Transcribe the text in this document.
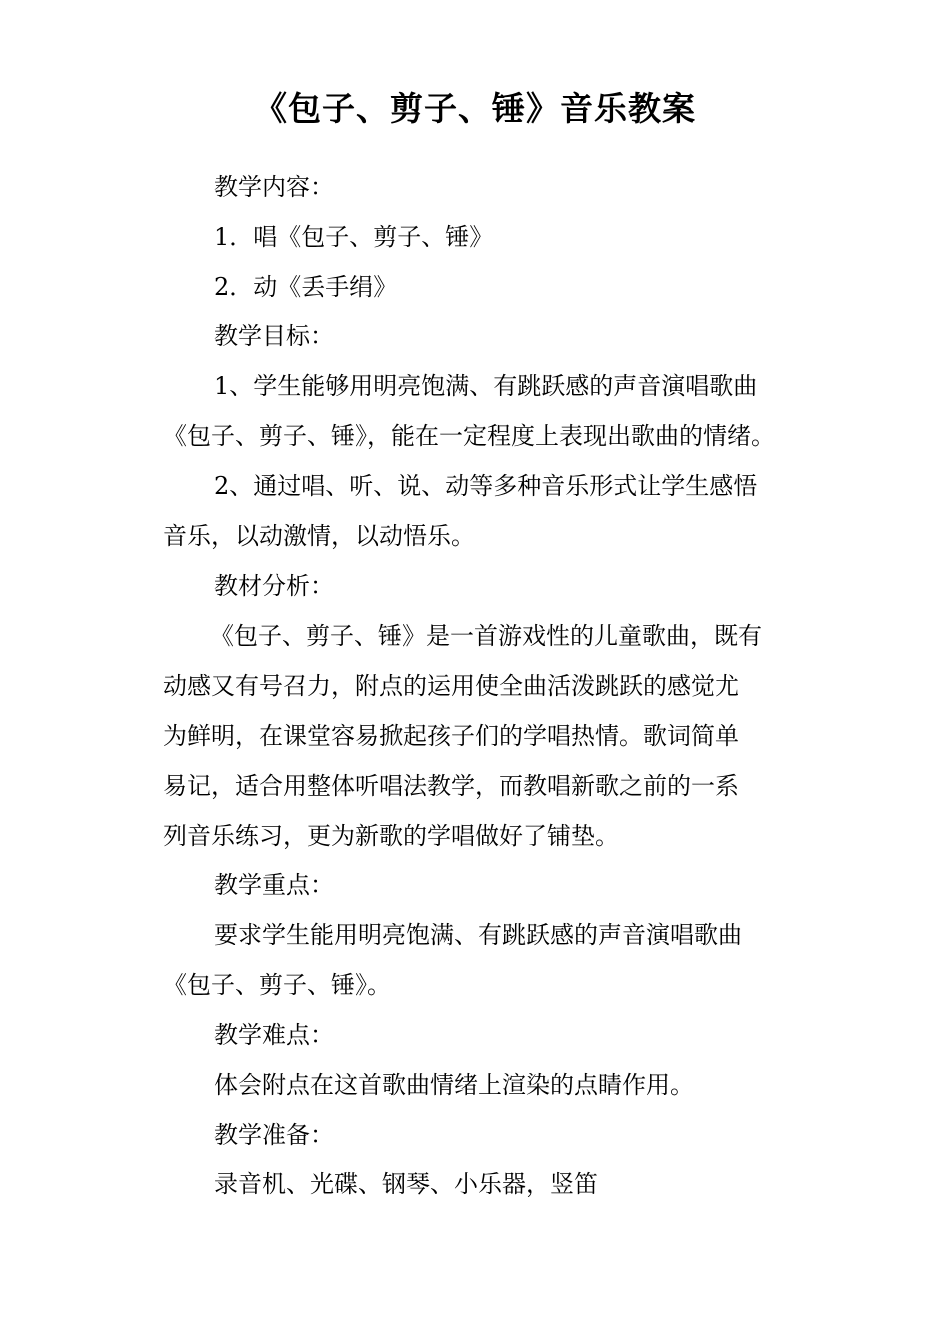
《包子、剪子、锤》音乐教案
教学内容：
1．唱《包子、剪子、锤》
2．动《丢手绢》
教学目标：
1、学生能够用明亮饱满、有跳跃感的声音演唱歌曲
《包子、剪子、锤》，能在一定程度上表现出歌曲的情绪。
2、通过唱、听、说、动等多种音乐形式让学生感悟
音乐，以动激情，以动悟乐。
教材分析：
《包子、剪子、锤》是一首游戏性的儿童歌曲，既有
动感又有号召力，附点的运用使全曲活泼跳跃的感觉尤
为鲜明，在课堂容易掀起孩子们的学唱热情。歌词简单
易记，适合用整体听唱法教学，而教唱新歌之前的一系
列音乐练习，更为新歌的学唱做好了铺垫。
教学重点：
要求学生能用明亮饱满、有跳跃感的声音演唱歌曲
《包子、剪子、锤》。
教学难点：
体会附点在这首歌曲情绪上渲染的点睛作用。
教学准备：
录音机、光碟、钢琴、小乐器，竖笛
